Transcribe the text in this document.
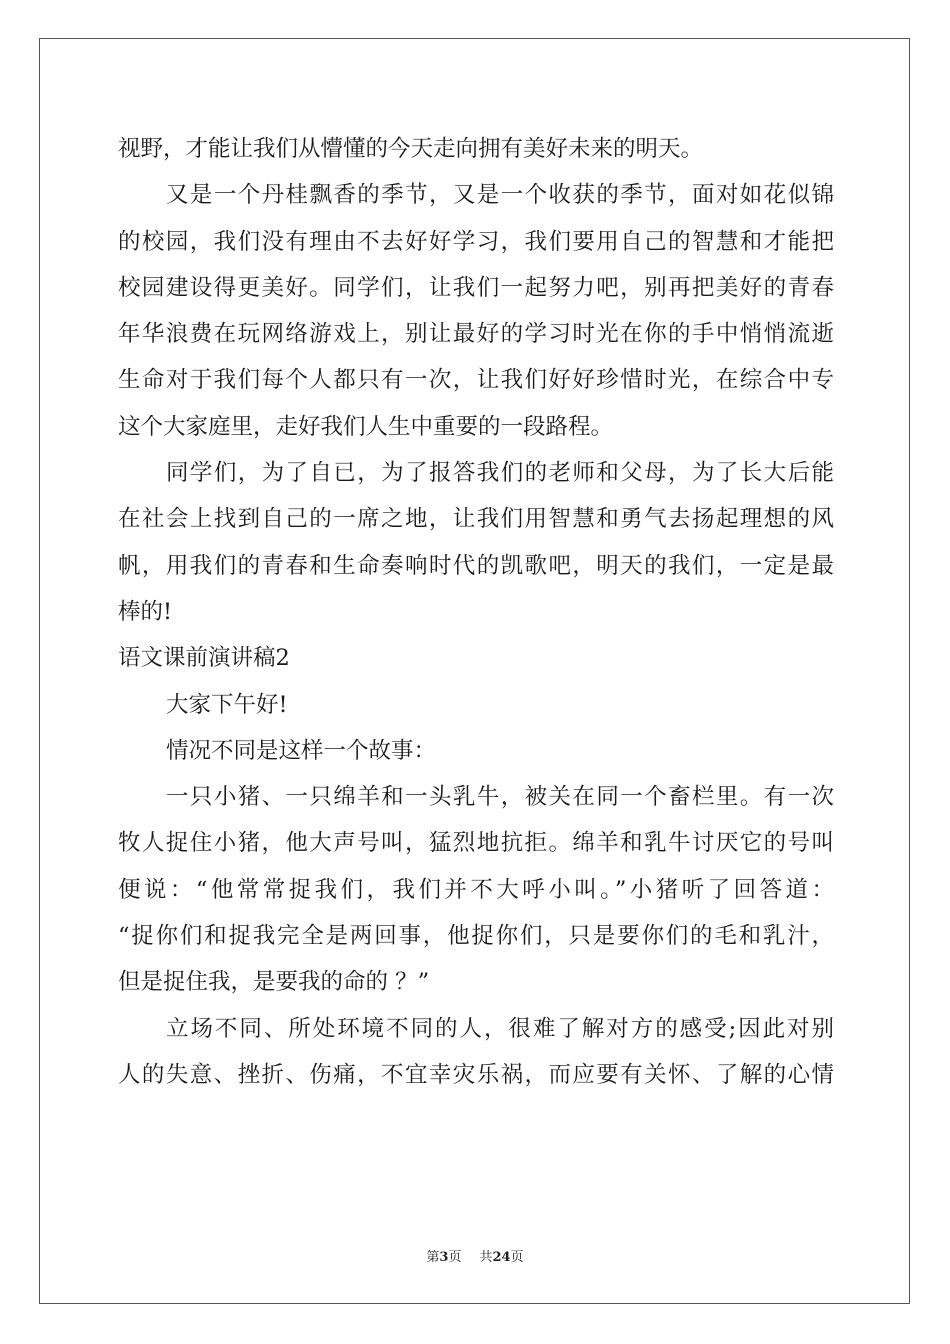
视野，才能让我们从懵懂的今天走向拥有美好未来的明天。
又是一个丹桂飘香的季节，又是一个收获的季节，面对如花似锦
的校园，我们没有理由不去好好学习，我们要用自己的智慧和才能把
校园建设得更美好。同学们，让我们一起努力吧，别再把美好的青春
年华浪费在玩网络游戏上，别让最好的学习时光在你的手中悄悄流逝
生命对于我们每个人都只有一次，让我们好好珍惜时光，在综合中专
这个大家庭里，走好我们人生中重要的一段路程。
同学们，为了自已，为了报答我们的老师和父母，为了长大后能
在社会上找到自己的一席之地，让我们用智慧和勇气去扬起理想的风
帆，用我们的青春和生命奏响时代的凯歌吧，明天的我们，一定是最
棒的!
语文课前演讲稿2
大家下午好!
情况不同是这样一个故事：
一只小猪、一只绵羊和一头乳牛，被关在同一个畜栏里。有一次
牧人捉住小猪，他大声号叫，猛烈地抗拒。绵羊和乳牛讨厌它的号叫
便说：“他常常捉我们，我们并不大呼小叫。”小猪听了回答道：
“捉你们和捉我完全是两回事，他捉你们，只是要你们的毛和乳汁，
但是捉住我，是要我的命的 ？”
立场不同、所处环境不同的人，很难了解对方的感受;因此对别
人的失意、挫折、伤痛，不宜幸灾乐祸，而应要有关怀、了解的心情
第3页 共24页
